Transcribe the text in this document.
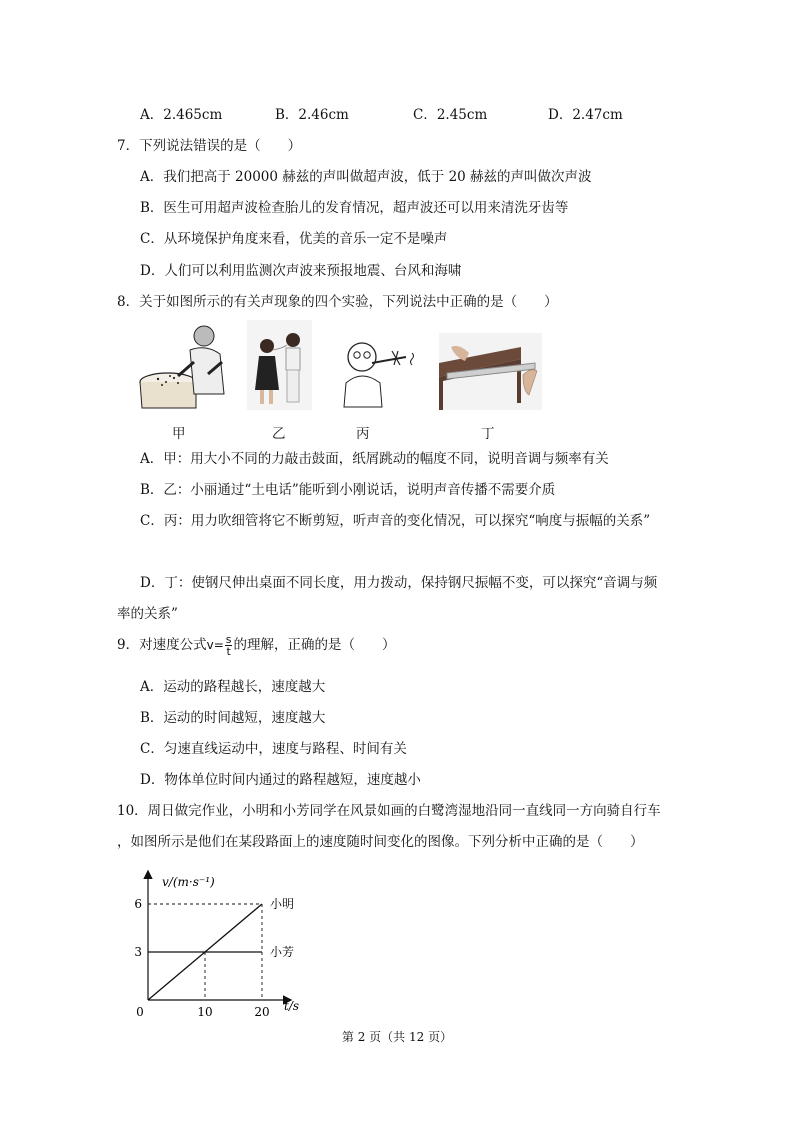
A．2.465cm	B．2.46cm	C．2.45cm	D．2.47cm
7．下列说法错误的是（　　）
A．我们把高于 20000 赫兹的声叫做超声波，低于 20 赫兹的声叫做次声波
B．医生可用超声波检查胎儿的发育情况，超声波还可以用来清洗牙齿等
C．从环境保护角度来看，优美的音乐一定不是噪声
D．人们可以利用监测次声波来预报地震、台风和海啸
8．关于如图所示的有关声现象的四个实验，下列说法中正确的是（　　）
甲	乙	丙	丁
A．甲：用大小不同的力敲击鼓面，纸屑跳动的幅度不同，说明音调与频率有关
B．乙：小丽通过“土电话”能听到小刚说话，说明声音传播不需要介质
C．丙：用力吹细管将它不断剪短，听声音的变化情况，可以探究“响度与振幅的关系”
D．丁：使钢尺伸出桌面不同长度，用力拨动，保持钢尺振幅不变，可以探究“音调与频
率的关系”
9．对速度公式$v= \frac{s}{t}$ 的理解，正确的是（　　）
A．运动的路程越长，速度越大
B．运动的时间越短，速度越大
C．匀速直线运动中，速度与路程、时间有关
D．物体单位时间内通过的路程越短，速度越小
10．周日做完作业，小明和小芳同学在风景如画的白鹭湾湿地沿同一直线同一方向骑自行车
，如图所示是他们在某段路面上的速度随时间变化的图像。下列分析中正确的是（　　）
小明
小芳
0	10	20
3
6
v/(m·s⁻¹)
t/s
第 2 页（共 12 页）
